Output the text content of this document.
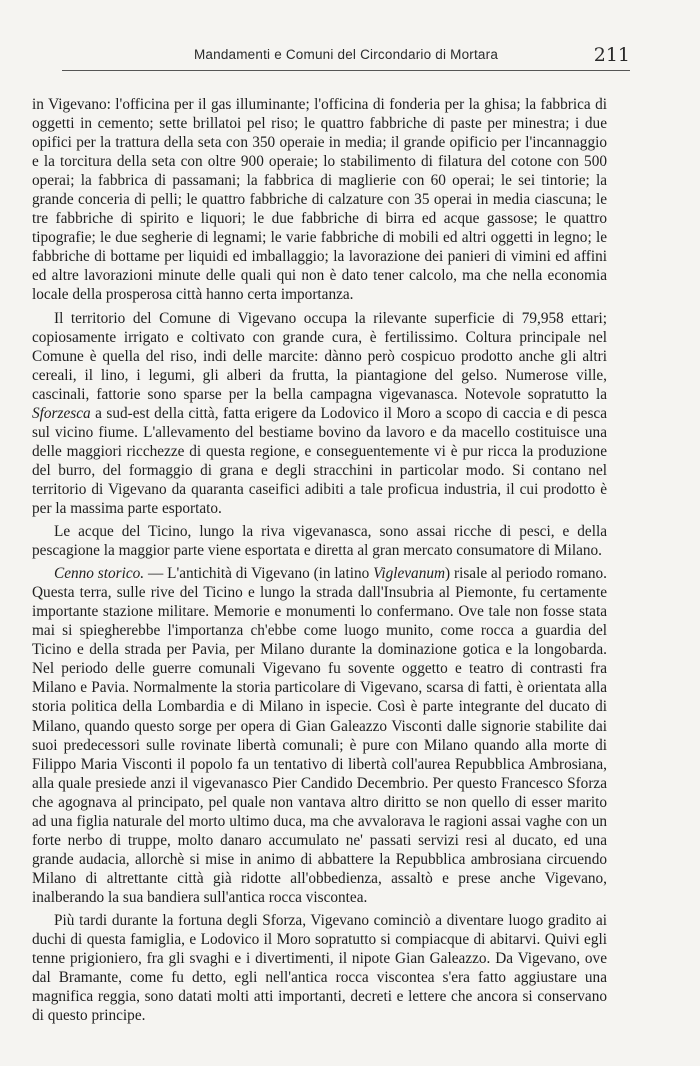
Mandamenti e Comuni del Circondario di Mortara	211

in Vigevano: l'officina per il gas illuminante; l'officina di fonderia per la ghisa; la fabbrica di oggetti in cemento; sette brillatoi pel riso; le quattro fabbriche di paste per minestra; i due opifici per la trattura della seta con 350 operaie in media; il grande opificio per l'incannaggio e la torcitura della seta con oltre 900 operaie; lo stabilimento di filatura del cotone con 500 operai; la fabbrica di passamani; la fabbrica di maglierie con 60 operai; le sei tintorie; la grande conceria di pelli; le quattro fabbriche di calzature con 35 operai in media ciascuna; le tre fabbriche di spirito e liquori; le due fabbriche di birra ed acque gassose; le quattro tipografie; le due segherie di legnami; le varie fabbriche di mobili ed altri oggetti in legno; le fabbriche di bottame per liquidi ed imballaggio; la lavorazione dei panieri di vimini ed affini ed altre lavorazioni minute delle quali qui non è dato tener calcolo, ma che nella economia locale della prosperosa città hanno certa importanza.

Il territorio del Comune di Vigevano occupa la rilevante superficie di 79,958 ettari; copiosamente irrigato e coltivato con grande cura, è fertilissimo. Coltura principale nel Comune è quella del riso, indi delle marcite: dànno però cospicuo prodotto anche gli altri cereali, il lino, i legumi, gli alberi da frutta, la piantagione del gelso. Numerose ville, cascinali, fattorie sono sparse per la bella campagna vigevanasca. Notevole sopratutto la Sforzesca a sud-est della città, fatta erigere da Lodovico il Moro a scopo di caccia e di pesca sul vicino fiume. L'allevamento del bestiame bovino da lavoro e da macello costituisce una delle maggiori ricchezze di questa regione, e conseguentemente vi è pur ricca la produzione del burro, del formaggio di grana e degli stracchini in particolar modo. Si contano nel territorio di Vigevano da quaranta caseifici adibiti a tale proficua industria, il cui prodotto è per la massima parte esportato.

Le acque del Ticino, lungo la riva vigevanasca, sono assai ricche di pesci, e della pescagione la maggior parte viene esportata e diretta al gran mercato consumatore di Milano.

Cenno storico. — L'antichità di Vigevano (in latino Viglevanum) risale al periodo romano. Questa terra, sulle rive del Ticino e lungo la strada dall'Insubria al Piemonte, fu certamente importante stazione militare. Memorie e monumenti lo confermano. Ove tale non fosse stata mai si spiegherebbe l'importanza ch'ebbe come luogo munito, come rocca a guardia del Ticino e della strada per Pavia, per Milano durante la dominazione gotica e la longobarda. Nel periodo delle guerre comunali Vigevano fu sovente oggetto e teatro di contrasti fra Milano e Pavia. Normalmente la storia particolare di Vigevano, scarsa di fatti, è orientata alla storia politica della Lombardia e di Milano in ispecie. Così è parte integrante del ducato di Milano, quando questo sorge per opera di Gian Galeazzo Visconti dalle signorie stabilite dai suoi predecessori sulle rovinate libertà comunali; è pure con Milano quando alla morte di Filippo Maria Visconti il popolo fa un tentativo di libertà coll'aurea Repubblica Ambrosiana, alla quale presiede anzi il vigevanasco Pier Candido Decembrio. Per questo Francesco Sforza che agognava al principato, pel quale non vantava altro diritto se non quello di esser marito ad una figlia naturale del morto ultimo duca, ma che avvalorava le ragioni assai vaghe con un forte nerbo di truppe, molto danaro accumulato ne' passati servizi resi al ducato, ed una grande audacia, allorchè si mise in animo di abbattere la Repubblica ambrosiana circuendo Milano di altrettante città già ridotte all'obbedienza, assaltò e prese anche Vigevano, inalberando la sua bandiera sull'antica rocca viscontea.

Più tardi durante la fortuna degli Sforza, Vigevano cominciò a diventare luogo gradito ai duchi di questa famiglia, e Lodovico il Moro sopratutto si compiacque di abitarvi. Quivi egli tenne prigioniero, fra gli svaghi e i divertimenti, il nipote Gian Galeazzo. Da Vigevano, ove dal Bramante, come fu detto, egli nell'antica rocca viscontea s'era fatto aggiustare una magnifica reggia, sono datati molti atti importanti, decreti e lettere che ancora si conservano di questo principe.
